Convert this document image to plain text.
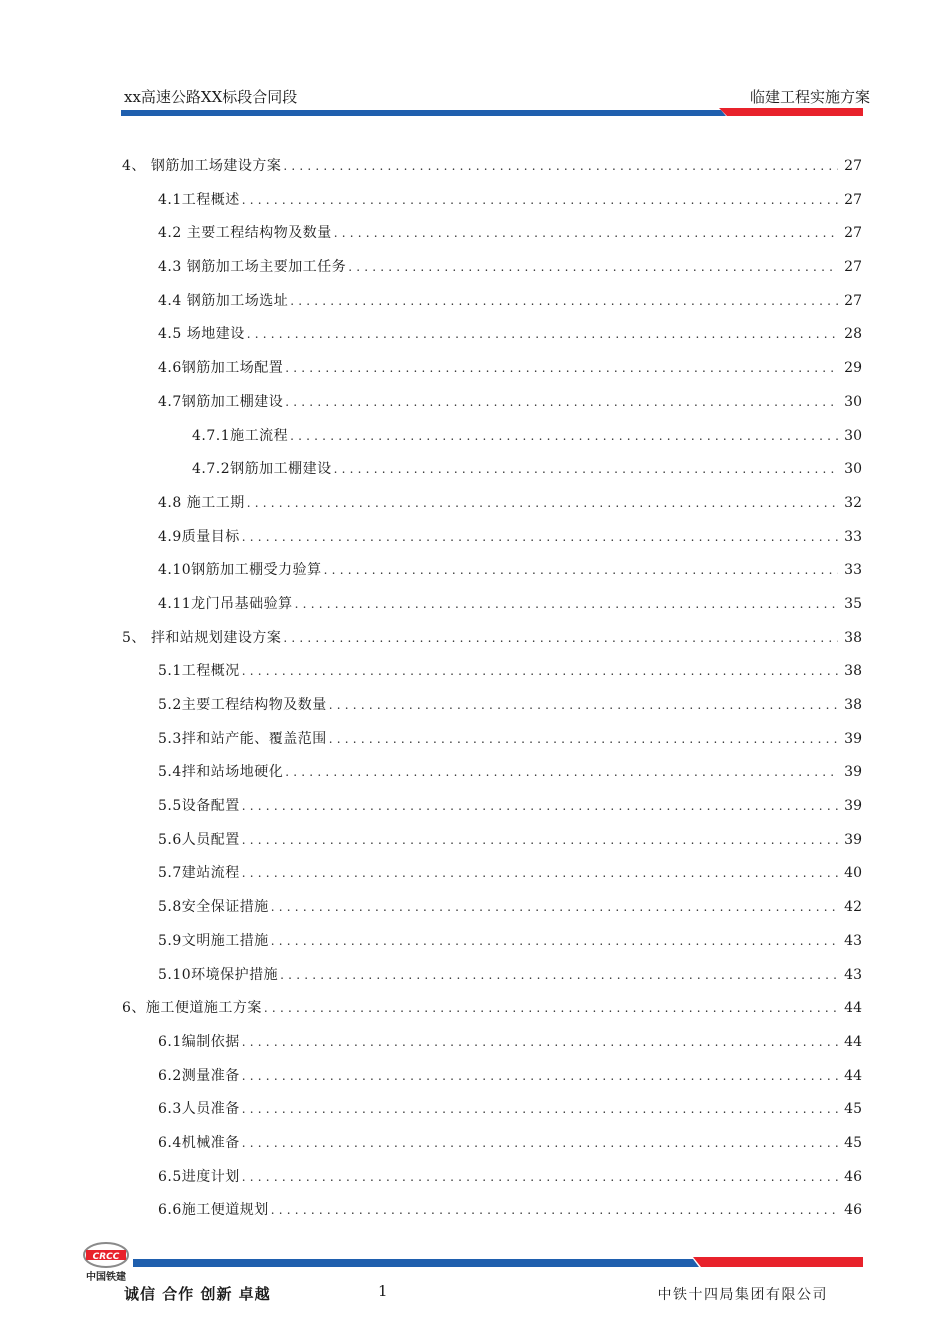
xx高速公路XX标段合同段	临建工程实施方案
4、 钢筋加工场建设方案 .....	27
4.1工程概述 .....	27
4.2 主要工程结构物及数量 .....	27
4.3 钢筋加工场主要加工任务 .....	27
4.4 钢筋加工场选址 .....	27
4.5 场地建设 .....	28
4.6钢筋加工场配置 .....	29
4.7钢筋加工棚建设 .....	30
4.7.1施工流程 .....	30
4.7.2钢筋加工棚建设 .....	30
4.8 施工工期 .....	32
4.9质量目标 .....	33
4.10钢筋加工棚受力验算 .....	33
4.11龙门吊基础验算 .....	35
5、 拌和站规划建设方案 .....	38
5.1工程概况 .....	38
5.2主要工程结构物及数量 .....	38
5.3拌和站产能、覆盖范围 .....	39
5.4拌和站场地硬化 .....	39
5.5设备配置 .....	39
5.6人员配置 .....	39
5.7建站流程 .....	40
5.8安全保证措施 .....	42
5.9文明施工措施 .....	43
5.10环境保护措施 .....	43
6、施工便道施工方案 .....	44
6.1编制依据 .....	44
6.2测量准备 .....	44
6.3人员准备 .....	45
6.4机械准备 .....	45
6.5进度计划 .....	46
6.6施工便道规划 .....	46
CRCC
中国铁建
诚信 合作 创新 卓越	1	中铁十四局集团有限公司
